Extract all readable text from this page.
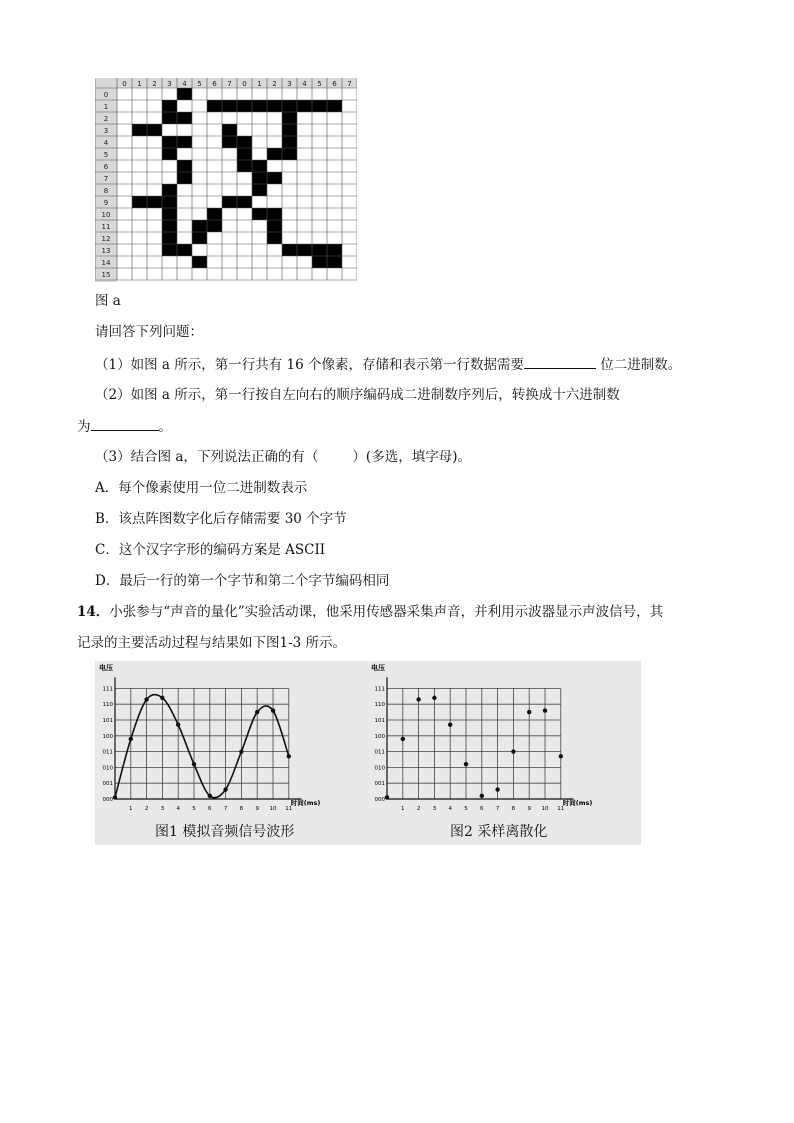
0 1 2 3 4 5 6 7 0 1 2 3 4 5 6 7
0
1
2
3
4
5
6
7
8
9
10
11
12
13
14
15
图 a
请回答下列问题：
（1）如图 a 所示，第一行共有 16 个像素，存储和表示第一行数据需要	位二进制数。
（2）如图 a 所示，第一行按自左向右的顺序编码成二进制数序列后，转换成十六进制数
为	。
（3）结合图 a，下列说法正确的有（	）(多选，填字母)。
A．每个像素使用一位二进制数表示
B．该点阵图数字化后存储需要 30 个字节
C．这个汉字字形的编码方案是 ASCII
D．最后一行的第一个字节和第二个字节编码相同
14．小张参与“声音的量化”实验活动课，他采用传感器采集声音，并利用示波器显示声波信号，其
记录的主要活动过程与结果如下图1-3 所示。
电压
000
001
010
011
100
101
110
111
1 2 3 4 5 6 7 8 9 10 11
时间(ms)
电压
000
001
010
011
100
101
110
111
1 2 3 4 5 6 7 8 9 10 11
时间(ms)
图1 模拟音频信号波形	图2 采样离散化
